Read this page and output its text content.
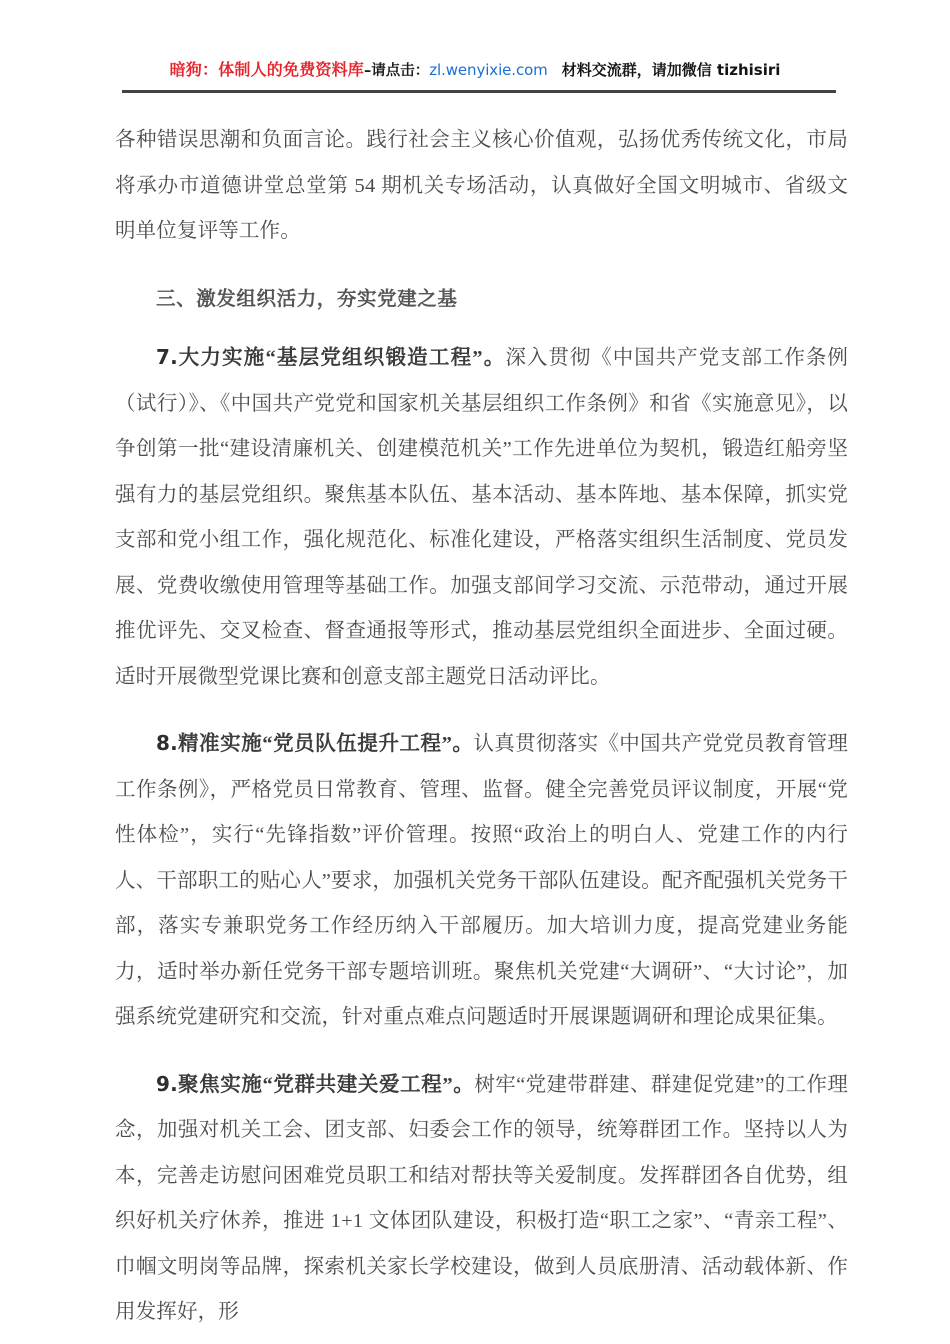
暗狗：体制人的免费资料库–请点击：zl.wenyixie.com 材料交流群，请加微信 tizhisiri

各种错误思潮和负面言论。践行社会主义核心价值观，弘扬优秀传统文化，市局将承办市道德讲堂总堂第 54 期机关专场活动，认真做好全国文明城市、省级文明单位复评等工作。

三、激发组织活力，夯实党建之基

7.大力实施“基层党组织锻造工程”。深入贯彻《中国共产党支部工作条例（试行）》、《中国共产党党和国家机关基层组织工作条例》和省《实施意见》，以争创第一批“建设清廉机关、创建模范机关”工作先进单位为契机，锻造红船旁坚强有力的基层党组织。聚焦基本队伍、基本活动、基本阵地、基本保障，抓实党支部和党小组工作，强化规范化、标准化建设，严格落实组织生活制度、党员发展、党费收缴使用管理等基础工作。加强支部间学习交流、示范带动，通过开展推优评先、交叉检查、督查通报等形式，推动基层党组织全面进步、全面过硬。适时开展微型党课比赛和创意支部主题党日活动评比。

8.精准实施“党员队伍提升工程”。认真贯彻落实《中国共产党党员教育管理工作条例》，严格党员日常教育、管理、监督。健全完善党员评议制度，开展“党性体检”，实行“先锋指数”评价管理。按照“政治上的明白人、党建工作的内行人、干部职工的贴心人”要求，加强机关党务干部队伍建设。配齐配强机关党务干部，落实专兼职党务工作经历纳入干部履历。加大培训力度，提高党建业务能力，适时举办新任党务干部专题培训班。聚焦机关党建“大调研”、“大讨论”，加强系统党建研究和交流，针对重点难点问题适时开展课题调研和理论成果征集。

9.聚焦实施“党群共建关爱工程”。树牢“党建带群建、群建促党建”的工作理念，加强对机关工会、团支部、妇委会工作的领导，统筹群团工作。坚持以人为本，完善走访慰问困难党员职工和结对帮扶等关爱制度。发挥群团各自优势，组织好机关疗休养，推进 1+1 文体团队建设，积极打造“职工之家”、“青亲工程”、巾帼文明岗等品牌，探索机关家长学校建设，做到人员底册清、活动载体新、作用发挥好，形
